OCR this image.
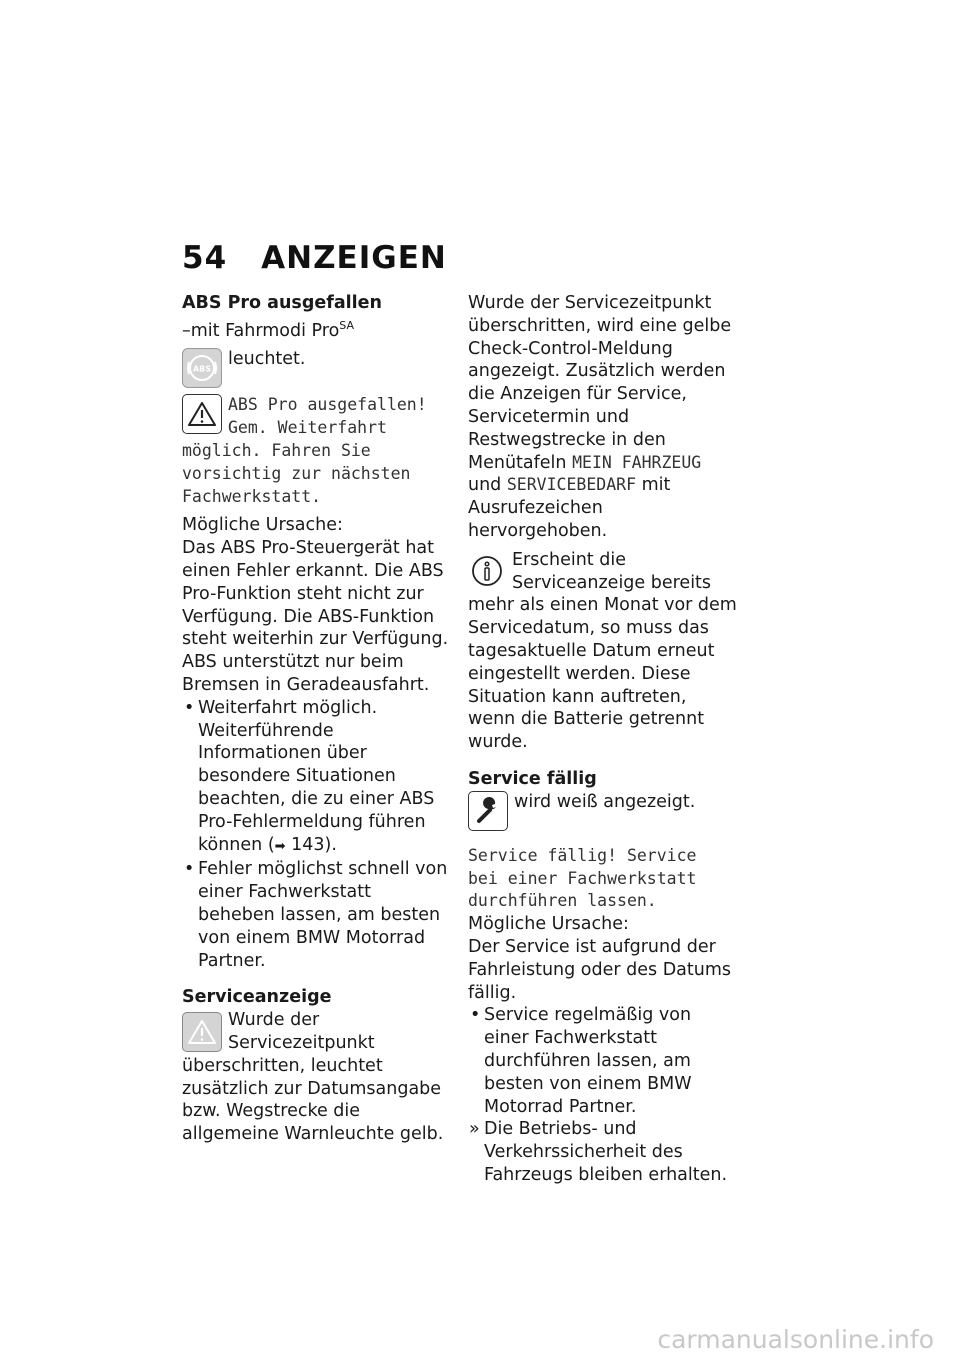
54 ANZEIGEN

ABS Pro ausgefallen

–mit Fahrmodi Pro$^{SA}$

ABS leuchtet.
ABS Pro ausgefallen!
Gem. Weiterfahrt
möglich. Fahren Sie
vorsichtig zur nächsten
Fachwerkstatt.

Mögliche Ursache:

Das ABS Pro-Steuergerät hat einen Fehler erkannt. Die ABS Pro-Funktion steht nicht zur Verfügung. Die ABS-Funktion steht weiterhin zur Verfügung. ABS unterstützt nur beim Bremsen in Geradeausfahrt.

• Weiterfahrt möglich. Weiterführende Informationen über besondere Situationen beachten, die zu einer ABS Pro-Fehlermeldung führen können (➡ 143).
• Fehler möglichst schnell von einer Fachwerkstatt beheben lassen, am besten von einem BMW Motorrad Partner.

Serviceanzeige

Wurde der Servicezeitpunkt überschritten, leuchtet zusätzlich zur Datumsangabe bzw. Wegstrecke die allgemeine Warnleuchte gelb.

Wurde der Servicezeitpunkt überschritten, wird eine gelbe Check-Control-Meldung angezeigt. Zusätzlich werden die Anzeigen für Service, Servicetermin und Restwegstrecke in den Menütafeln MEIN FAHRZEUG und SERVICEBEDARF mit Ausrufezeichen hervorgehoben.

Erscheint die Serviceanzeige bereits mehr als einen Monat vor dem Servicedatum, so muss das tagesaktuelle Datum erneut eingestellt werden. Diese Situation kann auftreten, wenn die Batterie getrennt wurde.

Service fällig

wird weiß angezeigt.
Service fällig! Service
bei einer Fachwerkstatt
durchführen lassen.

Mögliche Ursache:

Der Service ist aufgrund der Fahrleistung oder des Datums fällig.

• Service regelmäßig von einer Fachwerkstatt durchführen lassen, am besten von einem BMW Motorrad Partner.
» Die Betriebs- und Verkehrssicherheit des Fahrzeugs bleiben erhalten.
carmanualsonline.info
